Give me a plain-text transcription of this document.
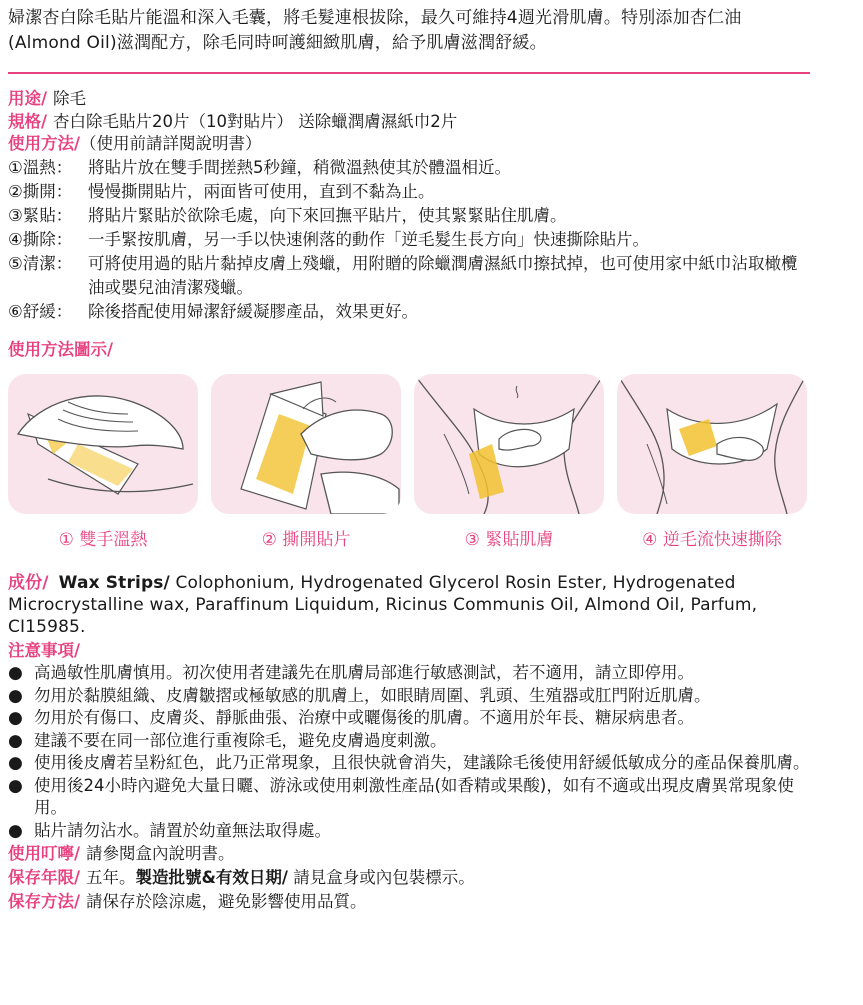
婦潔杏白除毛貼片能溫和深入毛囊，將毛髮連根拔除，最久可維持4週光滑肌膚。特別添加杏仁油(Almond Oil)滋潤配方，除毛同時呵護細緻肌膚，給予肌膚滋潤舒緩。
用途/ 除毛
規格/ 杏白除毛貼片20片（10對貼片） 送除蠟潤膚濕紙巾2片
使用方法/（使用前請詳閱說明書）
①溫熱： 將貼片放在雙手間搓熱5秒鐘，稍微溫熱使其於體溫相近。
②撕開： 慢慢撕開貼片，兩面皆可使用，直到不黏為止。
③緊貼： 將貼片緊貼於欲除毛處，向下來回撫平貼片，使其緊緊貼住肌膚。
④撕除： 一手緊按肌膚，另一手以快速俐落的動作「逆毛髮生長方向」快速撕除貼片。
⑤清潔： 可將使用過的貼片黏掉皮膚上殘蠟，用附贈的除蠟潤膚濕紙巾擦拭掉，也可使用家中紙巾沾取橄欖油或嬰兒油清潔殘蠟。
⑥舒緩： 除後搭配使用婦潔舒緩凝膠產品，效果更好。
使用方法圖示/
① 雙手溫熱	② 撕開貼片	③ 緊貼肌膚	④ 逆毛流快速撕除
成份/ Wax Strips/ Colophonium, Hydrogenated Glycerol Rosin Ester, Hydrogenated Microcrystalline wax, Paraffinum Liquidum, Ricinus Communis Oil, Almond Oil, Parfum, CI15985.
注意事項/
● 高過敏性肌膚慎用。初次使用者建議先在肌膚局部進行敏感測試，若不適用，請立即停用。
● 勿用於黏膜組織、皮膚皺摺或極敏感的肌膚上，如眼睛周圍、乳頭、生殖器或肛門附近肌膚。
● 勿用於有傷口、皮膚炎、靜脈曲張、治療中或曬傷後的肌膚。不適用於年長、糖尿病患者。
● 建議不要在同一部位進行重複除毛，避免皮膚過度刺激。
● 使用後皮膚若呈粉紅色，此乃正常現象，且很快就會消失，建議除毛後使用舒緩低敏成分的產品保養肌膚。
● 使用後24小時內避免大量日曬、游泳或使用刺激性產品(如香精或果酸)，如有不適或出現皮膚異常現象使用。
● 貼片請勿沾水。請置於幼童無法取得處。
使用叮嚀/ 請參閱盒內說明書。
保存年限/ 五年。製造批號&有效日期/ 請見盒身或內包裝標示。
保存方法/ 請保存於陰涼處，避免影響使用品質。
